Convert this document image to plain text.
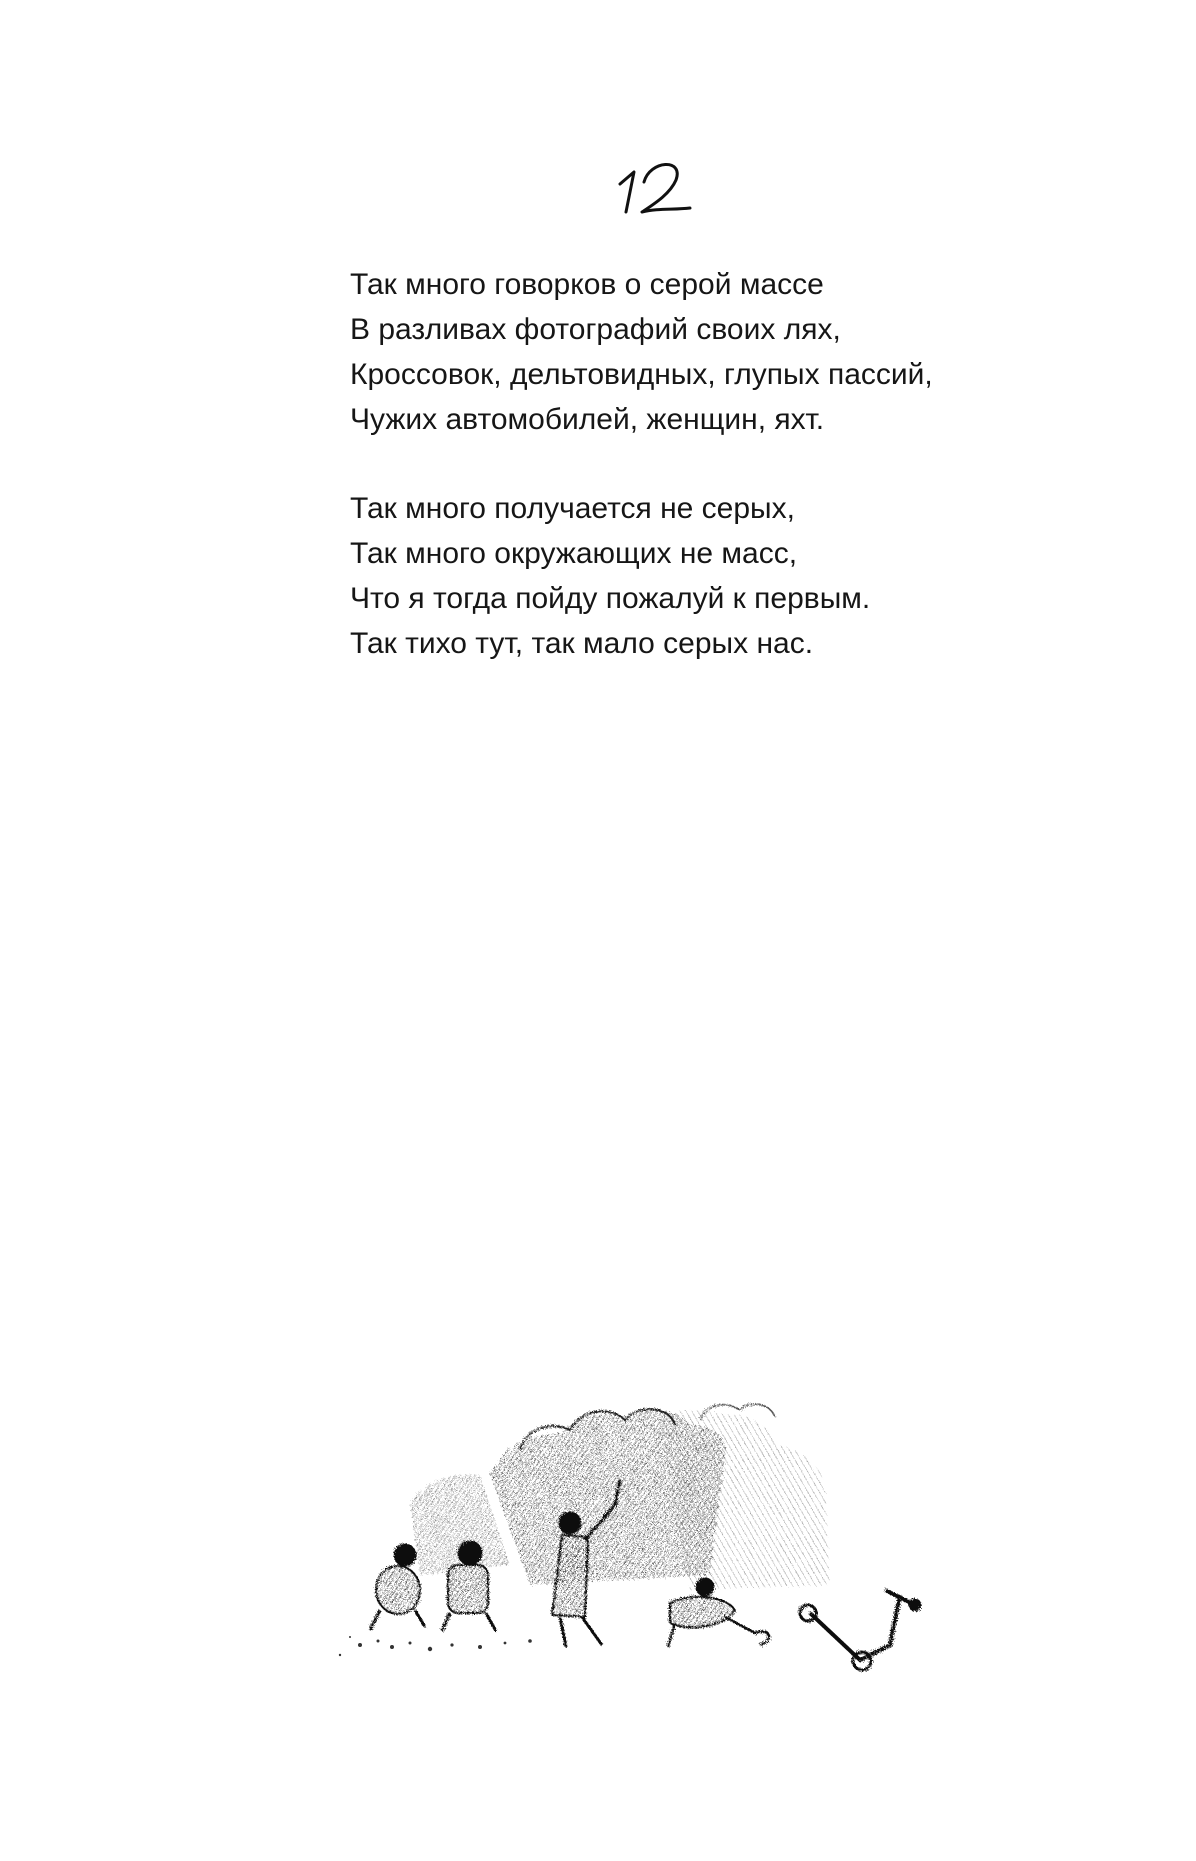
Так много говорков о серой массе
В разливах фотографий своих лях,
Кроссовок, дельтовидных, глупых пассий,
Чужих автомобилей, женщин, яхт.
Так много получается не серых,
Так много окружающих не масс,
Что я тогда пойду пожалуй к первым.
Так тихо тут, так мало серых нас.
